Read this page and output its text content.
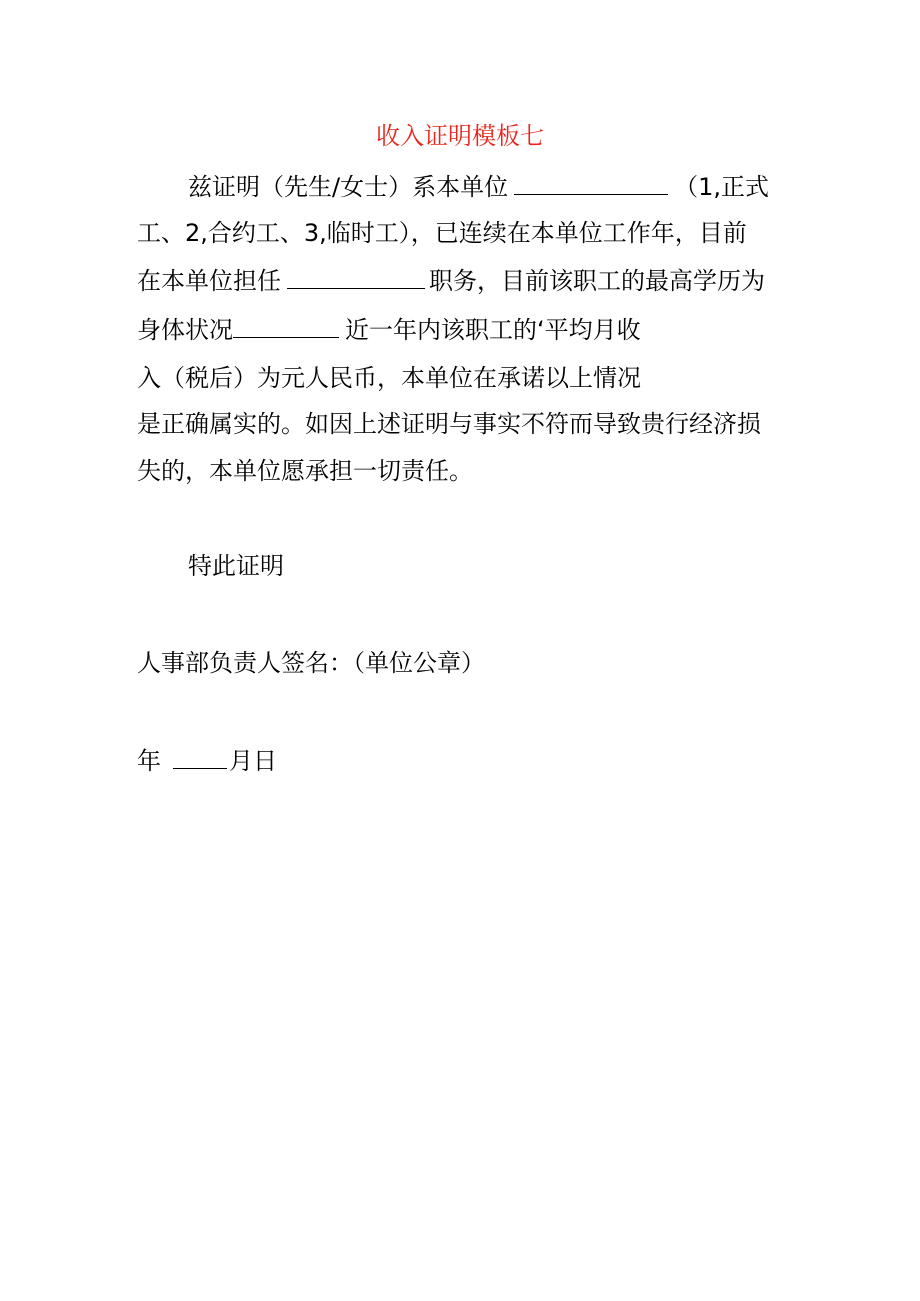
收入证明模板七
兹证明（先生/女士）系本单位	（1,正式
工、2,合约工、3,临时工），已连续在本单位工作年，目前
在本单位担任	职务，目前该职工的最高学历为
身体状况	近一年内该职工的‘平均月收
入（税后）为元人民币，本单位在承诺以上情况
是正确属实的。如因上述证明与事实不符而导致贵行经济损
失的，本单位愿承担一切责任。
特此证明
人事部负责人签名：（单位公章）
年	月日
